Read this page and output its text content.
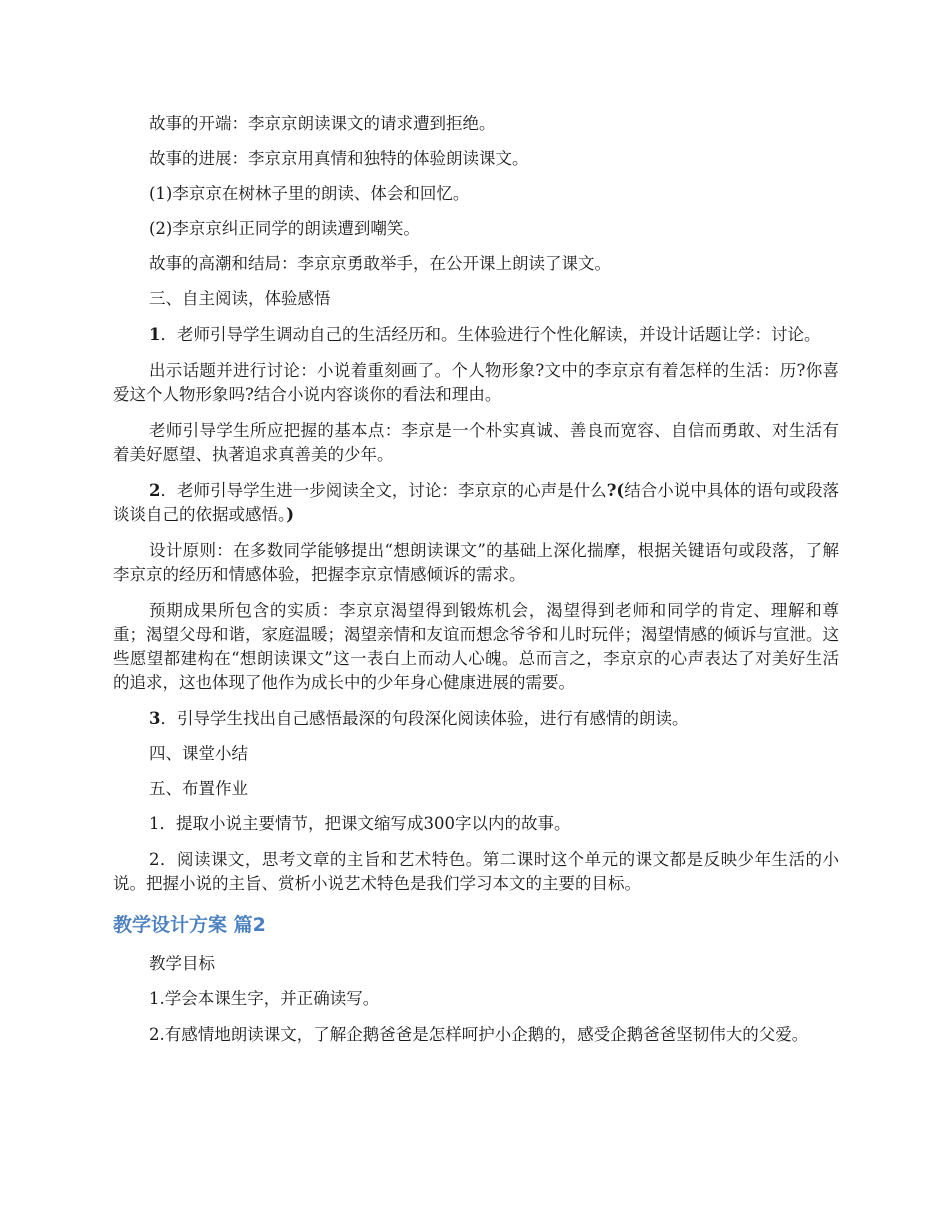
故事的开端：李京京朗读课文的请求遭到拒绝。

故事的进展：李京京用真情和独特的体验朗读课文。

(1)李京京在树林子里的朗读、体会和回忆。

(2)李京京纠正同学的朗读遭到嘲笑。

故事的高潮和结局：李京京勇敢举手，在公开课上朗读了课文。

三、自主阅读，体验感悟

1．老师引导学生调动自己的生活经历和。生体验进行个性化解读，并设计话题让学：讨论。

出示话题并进行讨论：小说着重刻画了。个人物形象?文中的李京京有着怎样的生活：历?你喜爱这个人物形象吗?结合小说内容谈你的看法和理由。

老师引导学生所应把握的基本点：李京是一个朴实真诚、善良而宽容、自信而勇敢、对生活有着美好愿望、执著追求真善美的少年。

2．老师引导学生进一步阅读全文，讨论：李京京的心声是什么?(结合小说中具体的语句或段落谈谈自己的依据或感悟。)

设计原则：在多数同学能够提出“想朗读课文”的基础上深化揣摩，根据关键语句或段落，了解李京京的经历和情感体验，把握李京京情感倾诉的需求。

预期成果所包含的实质：李京京渴望得到锻炼机会，渴望得到老师和同学的肯定、理解和尊重；渴望父母和谐，家庭温暖；渴望亲情和友谊而想念爷爷和儿时玩伴；渴望情感的倾诉与宣泄。这些愿望都建构在“想朗读课文”这一表白上而动人心魄。总而言之，李京京的心声表达了对美好生活的追求，这也体现了他作为成长中的少年身心健康进展的需要。

3．引导学生找出自己感悟最深的句段深化阅读体验，进行有感情的朗读。

四、课堂小结

五、布置作业

1．提取小说主要情节，把课文缩写成300字以内的故事。

2．阅读课文，思考文章的主旨和艺术特色。第二课时这个单元的课文都是反映少年生活的小说。把握小说的主旨、赏析小说艺术特色是我们学习本文的主要的目标。

教学设计方案 篇2

教学目标

1.学会本课生字，并正确读写。

2.有感情地朗读课文，了解企鹅爸爸是怎样呵护小企鹅的，感受企鹅爸爸坚韧伟大的父爱。
